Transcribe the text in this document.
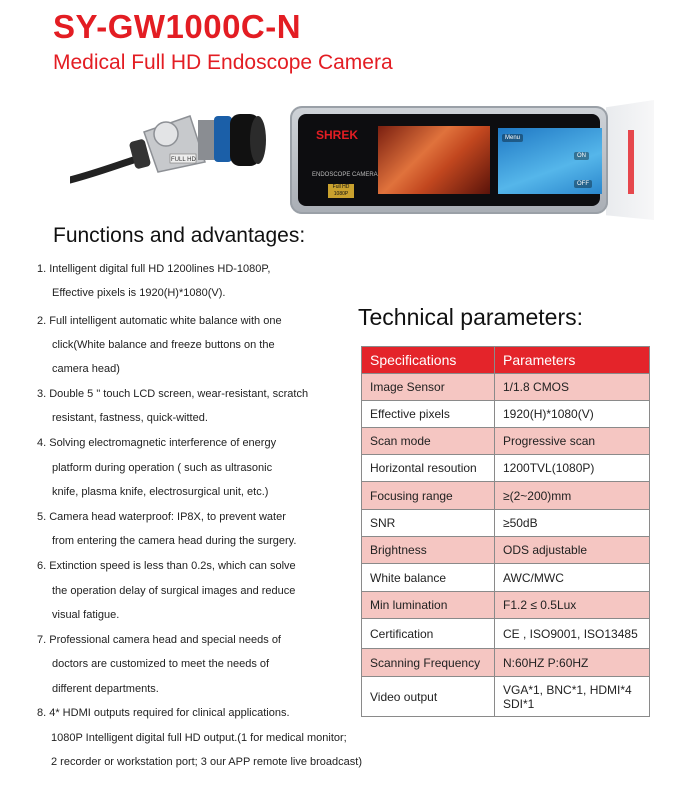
SY-GW1000C-N
Medical Full HD Endoscope Camera
FULL HD
SHREK
ENDOSCOPE CAMERA
Full HD 1080P
Menu
ON
OFF
Functions and advantages:
1. Intelligent digital full HD 1200lines HD-1080P,
Effective pixels is 1920(H)*1080(V).
2. Full intelligent automatic white balance with one
click(White balance and freeze buttons on the
camera head)
3. Double 5 " touch LCD screen, wear-resistant, scratch
resistant, fastness, quick-witted.
4. Solving electromagnetic interference of energy
platform during operation ( such as ultrasonic
knife, plasma knife, electrosurgical unit, etc.)
5. Camera head waterproof: IP8X, to prevent water
from entering the camera head during the surgery.
6. Extinction speed is less than 0.2s, which can solve
the operation delay of surgical images and reduce
visual fatigue.
7. Professional camera head and special needs of
doctors are customized to meet the needs of
different departments.
8. 4* HDMI outputs required for clinical applications.
1080P Intelligent digital full HD output.(1 for medical monitor;
2 recorder or workstation port; 3 our APP remote live broadcast)
Technical parameters:
Specifications	Parameters
Image Sensor	1/1.8 CMOS
Effective pixels	1920(H)*1080(V)
Scan mode	Progressive scan
Horizontal resoution	1200TVL(1080P)
Focusing range	≥(2~200)mm
SNR	≥50dB
Brightness	ODS adjustable
White balance	AWC/MWC
Min lumination	F1.2 ≤ 0.5Lux
Certification	CE , ISO9001, ISO13485
Scanning Frequency	N:60HZ P:60HZ
Video output	VGA*1, BNC*1, HDMI*4 SDI*1
